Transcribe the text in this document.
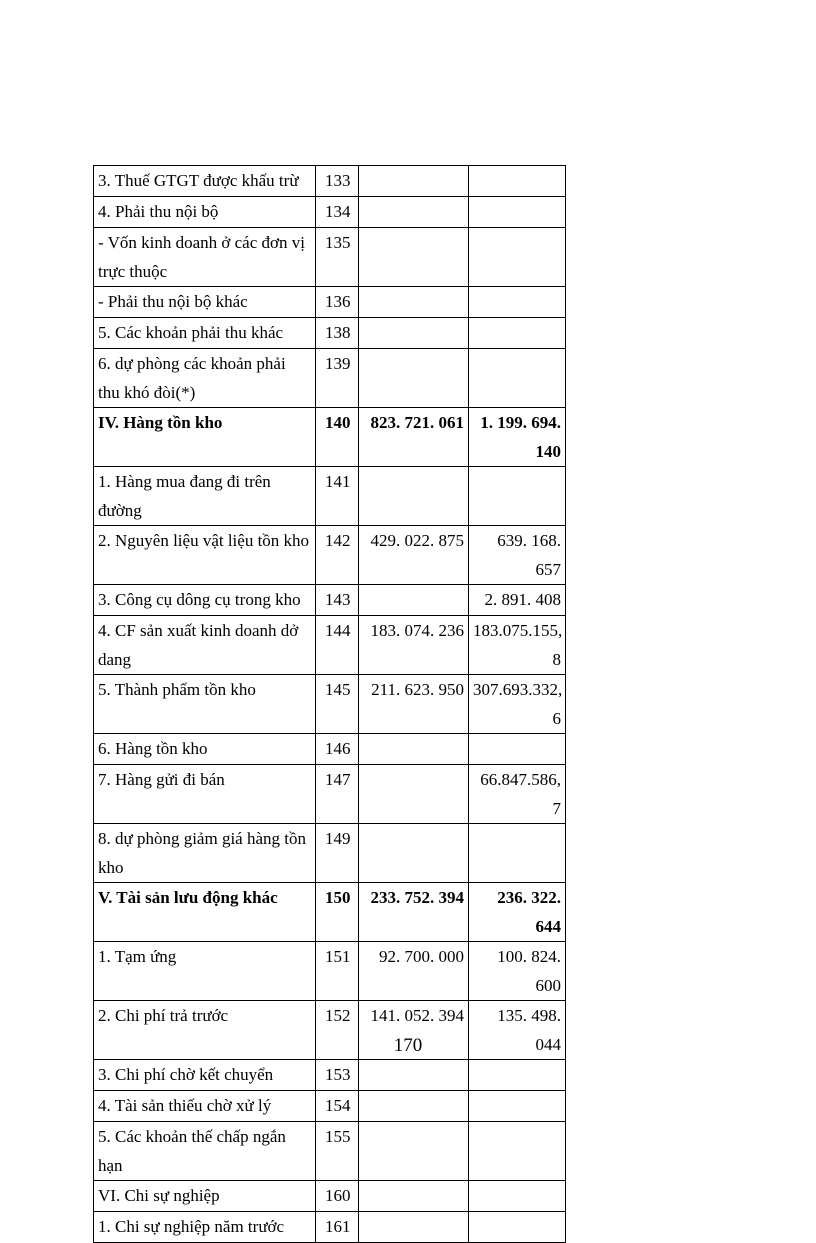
3. Thuế GTGT được khấu trừ	133		
4. Phải thu nội bộ	134		
- Vốn kinh doanh ở các đơn vị trực thuộc	135		
- Phải thu nội bộ khác	136		
5. Các khoản phải thu khác	138		
6. dự phòng các khoản phải thu khó đòi(*)	139		
IV. Hàng tồn kho	140	823. 721. 061	1. 199. 694. 140
1. Hàng mua đang đi trên đường	141		
2. Nguyên liệu vật liệu tồn kho	142	429. 022. 875	639. 168. 657
3. Công cụ dông cụ trong kho	143		2. 891. 408
4. CF sản xuất kinh doanh dở dang	144	183. 074. 236	183.075.155, 8
5. Thành phẩm tồn kho	145	211. 623. 950	307.693.332, 6
6. Hàng tồn kho	146		
7. Hàng gửi đi bán	147		66.847.586, 7
8. dự phòng giảm giá hàng tồn kho	149		
V. Tài sản lưu động khác	150	233. 752. 394	236. 322. 644
1. Tạm ứng	151	92. 700. 000	100. 824. 600
2. Chi phí trả trước	152	141. 052. 394	135. 498. 044
3. Chi phí chờ kết chuyển	153		
4. Tài sản thiếu chờ xử lý	154		
5. Các khoản thế chấp ngắn hạn	155		
VI. Chi sự nghiệp	160		
1. Chi sự nghiệp năm trước	161		
170
